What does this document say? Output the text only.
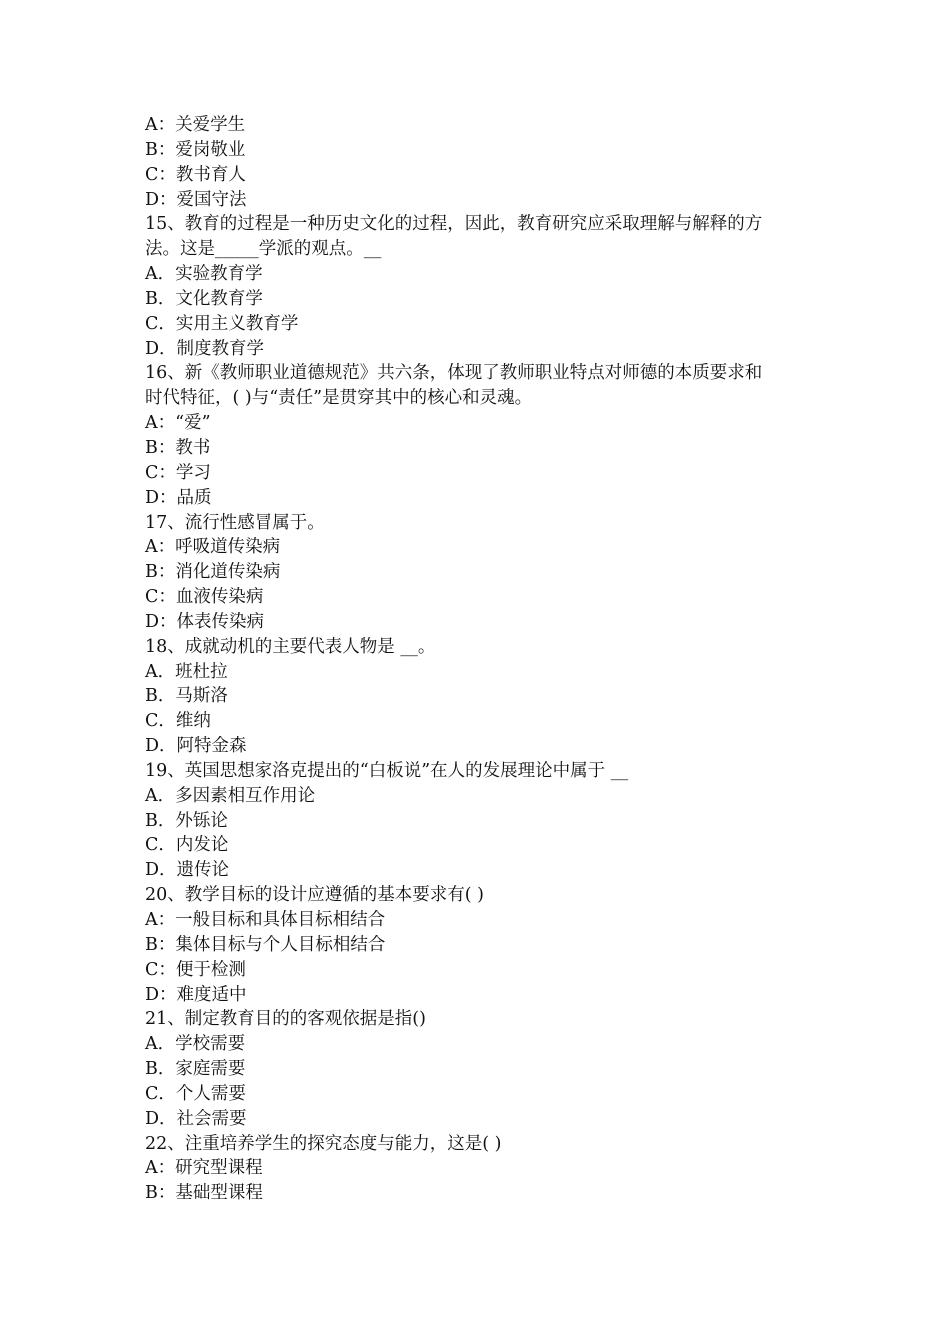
A：关爱学生

B：爱岗敬业

C：教书育人

D：爱国守法

15、教育的过程是一种历史文化的过程，因此，教育研究应采取理解与解释的方

法。这是_____学派的观点。__

A．实验教育学

B．文化教育学

C．实用主义教育学

D．制度教育学

16、新《教师职业道德规范》共六条，体现了教师职业特点对师德的本质要求和

时代特征，( )与“责任”是贯穿其中的核心和灵魂。

A：“爱”

B：教书

C：学习

D：品质

17、流行性感冒属于。

A：呼吸道传染病

B：消化道传染病

C：血液传染病

D：体表传染病

18、成就动机的主要代表人物是 __。

A．班杜拉

B．马斯洛

C．维纳

D．阿特金森

19、英国思想家洛克提出的“白板说”在人的发展理论中属于 __

A．多因素相互作用论

B．外铄论

C．内发论

D．遗传论

20、教学目标的设计应遵循的基本要求有( )

A：一般目标和具体目标相结合

B：集体目标与个人目标相结合

C：便于检测

D：难度适中

21、制定教育目的的客观依据是指()

A．学校需要

B．家庭需要

C．个人需要

D．社会需要

22、注重培养学生的探究态度与能力，这是( )

A：研究型课程

B：基础型课程
